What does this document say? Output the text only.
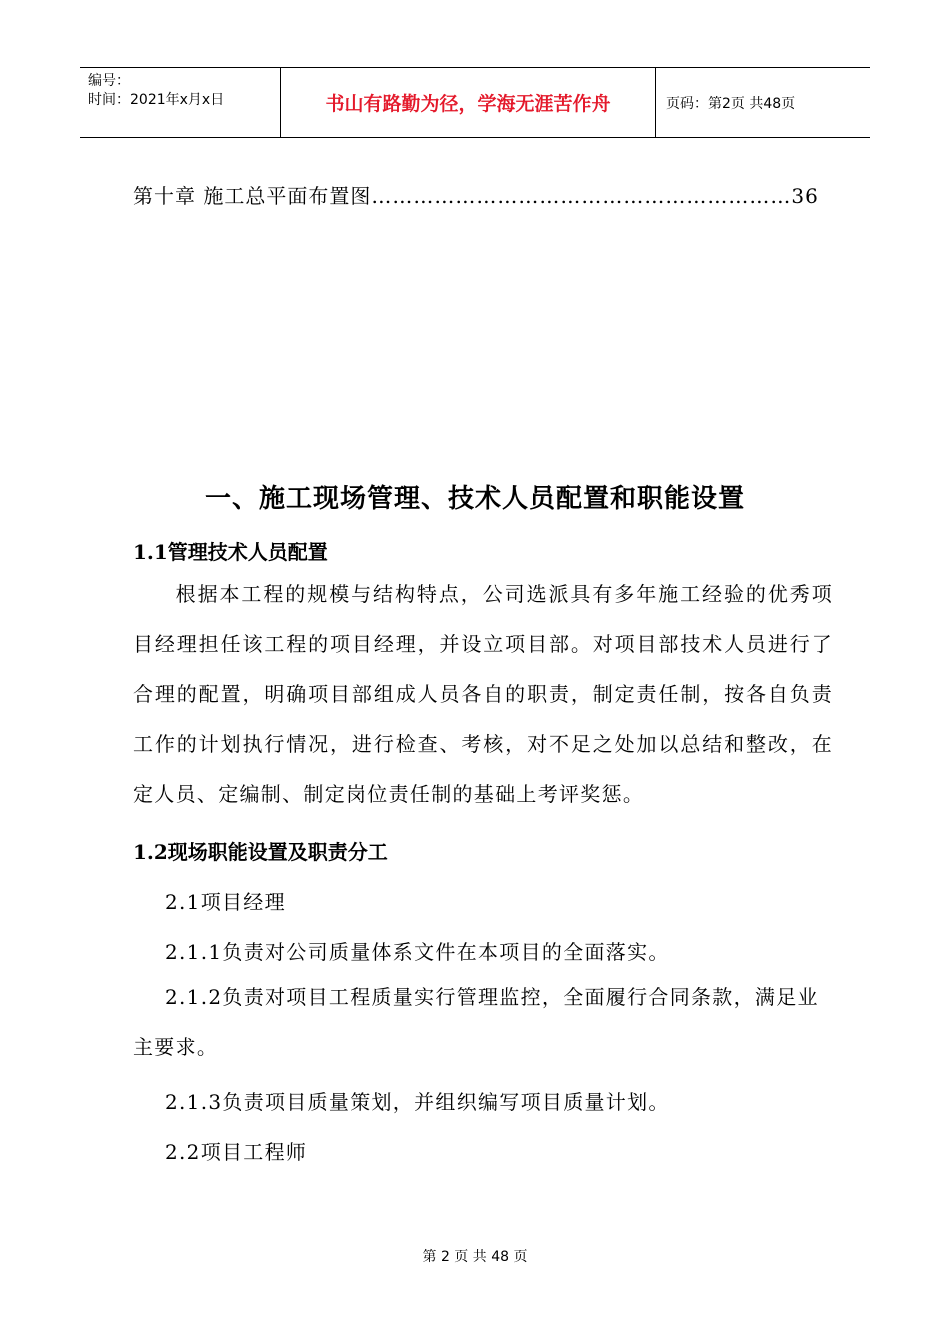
编号：
时间：2021年x月x日	书山有路勤为径，学海无涯苦作舟	页码：第2页 共48页
第十章 施工总平面布置图……………………………………………………36
一、施工现场管理、技术人员配置和职能设置
1.1管理技术人员配置
根据本工程的规模与结构特点，公司选派具有多年施工经验的优秀项目经理担任该工程的项目经理，并设立项目部。对项目部技术人员进行了合理的配置，明确项目部组成人员各自的职责，制定责任制，按各自负责工作的计划执行情况，进行检查、考核，对不足之处加以总结和整改，在定人员、定编制、制定岗位责任制的基础上考评奖惩。
1.2现场职能设置及职责分工
2.1项目经理
2.1.1负责对公司质量体系文件在本项目的全面落实。
2.1.2负责对项目工程质量实行管理监控，全面履行合同条款，满足业主要求。
2.1.3负责项目质量策划，并组织编写项目质量计划。
2.2项目工程师
第 2 页 共 48 页
